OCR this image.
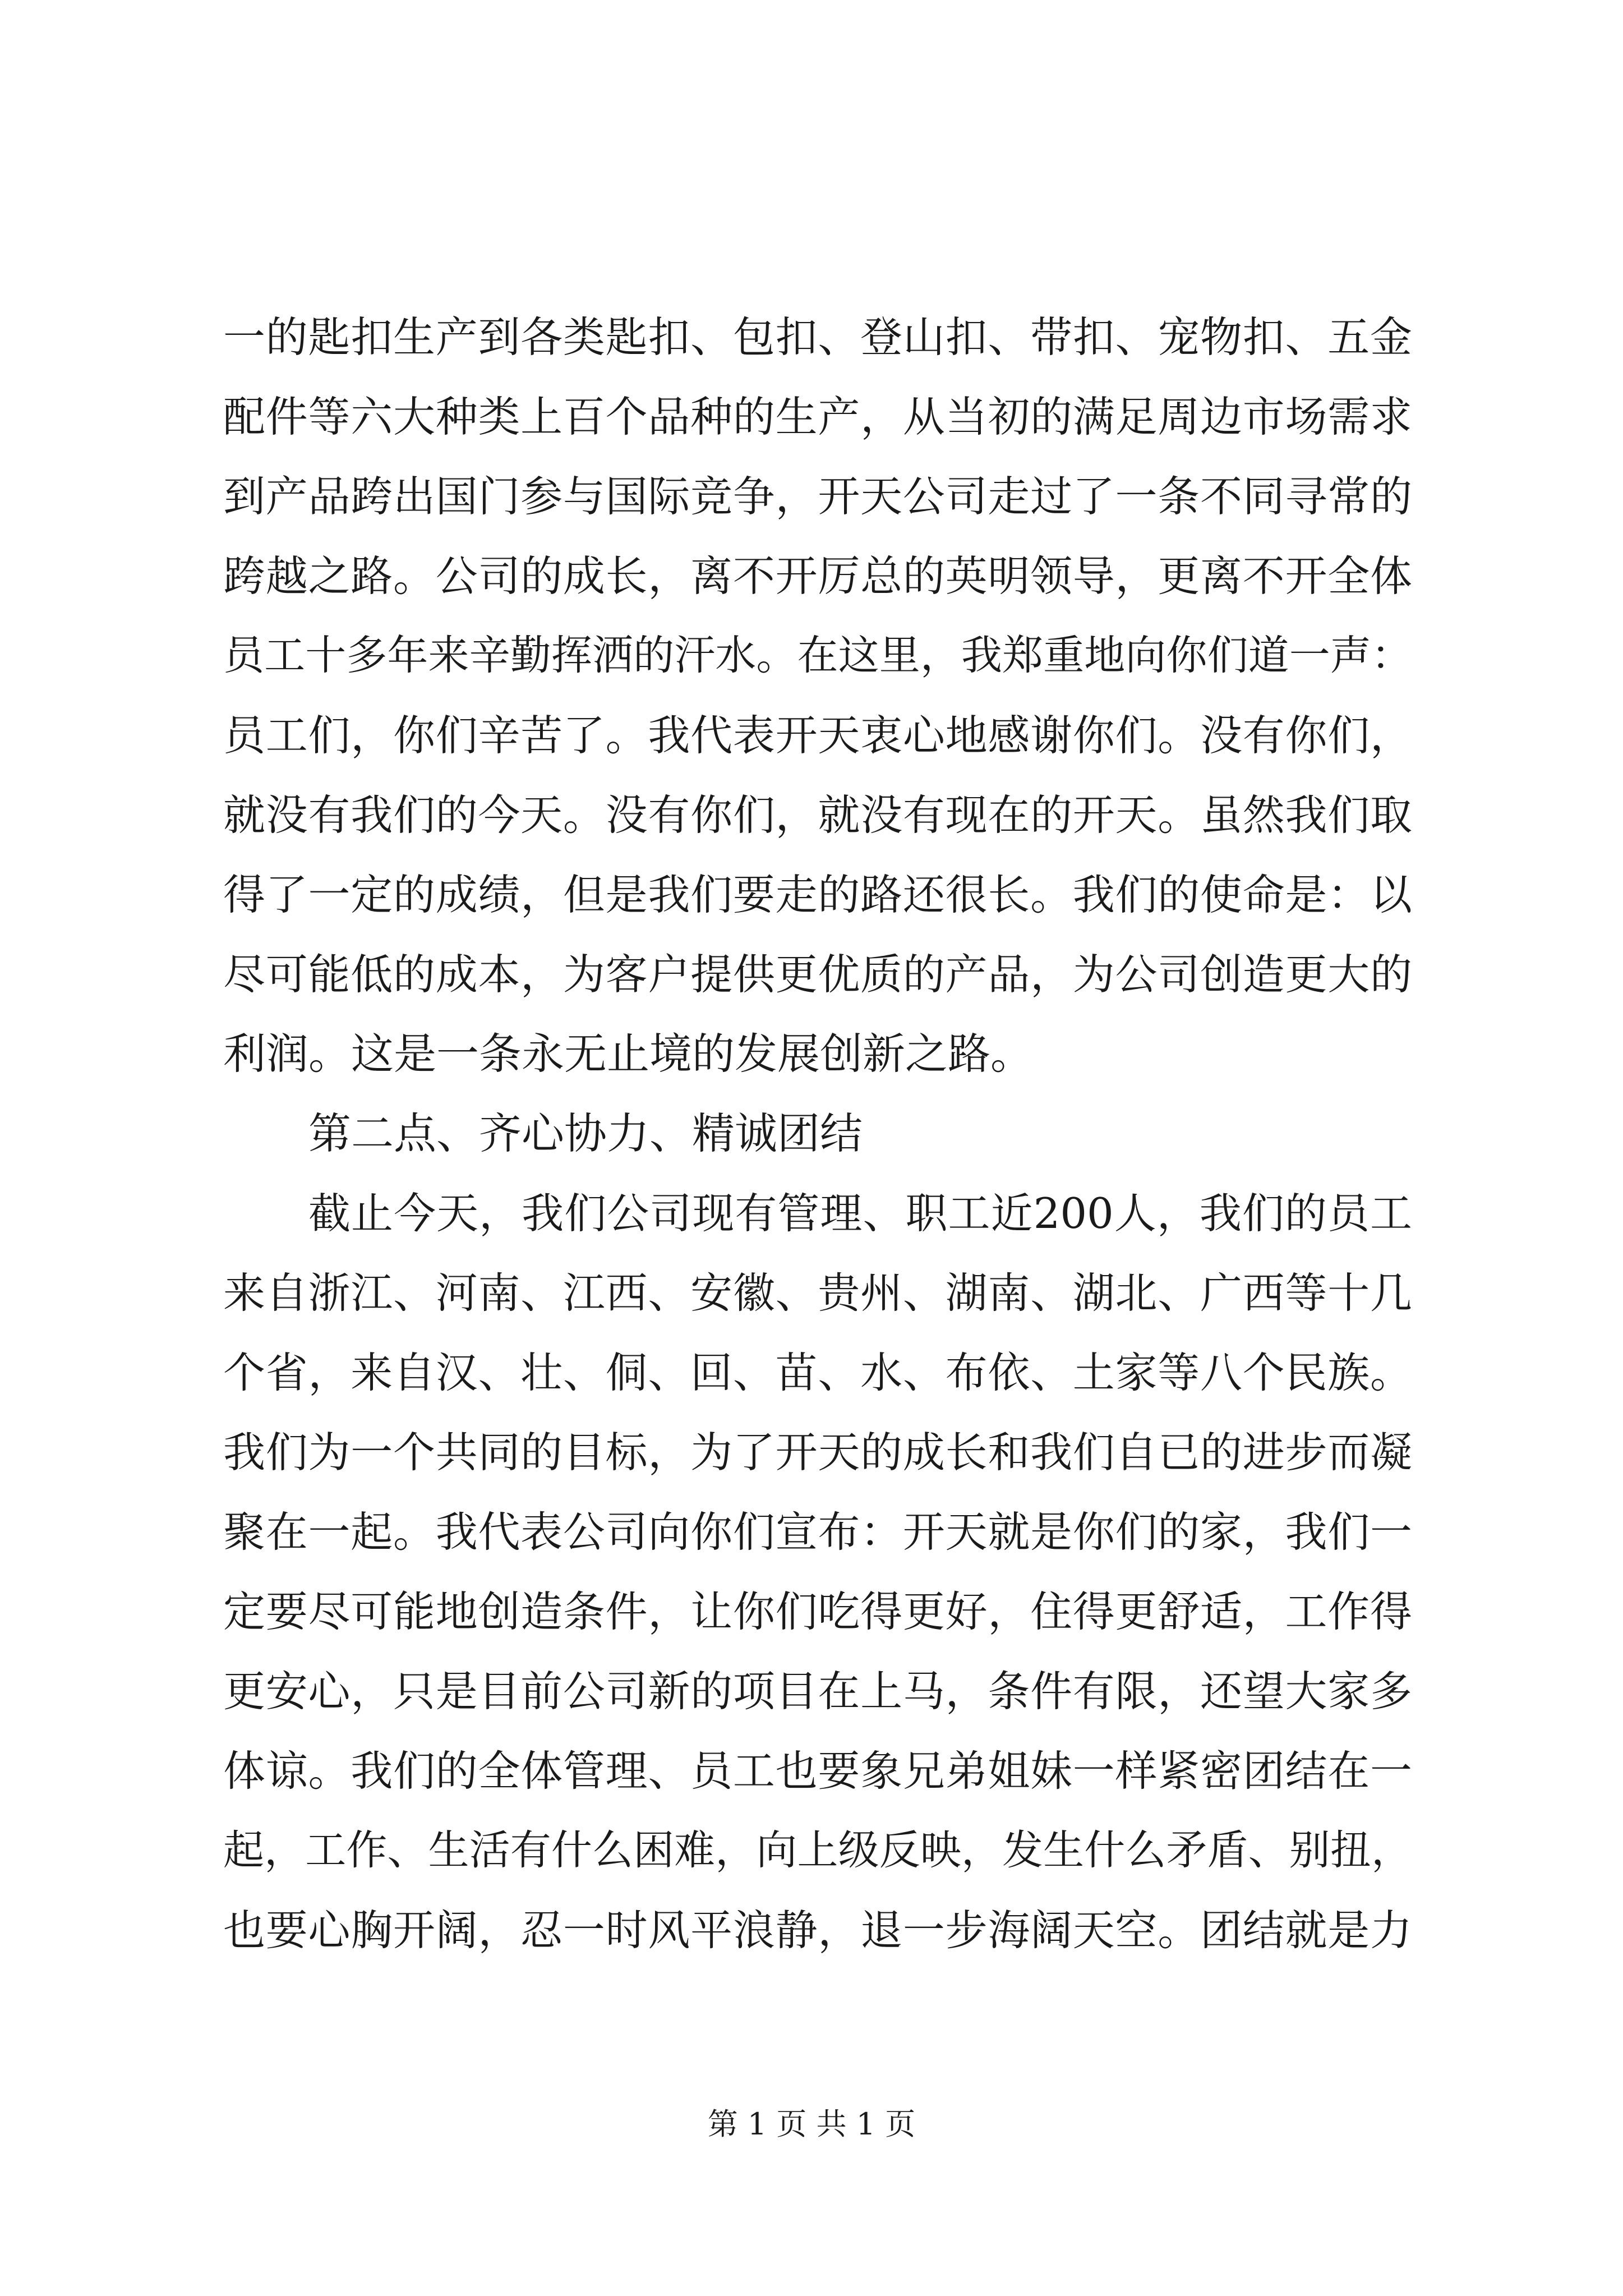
一的匙扣生产到各类匙扣、包扣、登山扣、带扣、宠物扣、五金
配件等六大种类上百个品种的生产，从当初的满足周边市场需求
到产品跨出国门参与国际竞争，开天公司走过了一条不同寻常的
跨越之路。公司的成长，离不开厉总的英明领导，更离不开全体
员工十多年来辛勤挥洒的汗水。在这里，我郑重地向你们道一声：
员工们，你们辛苦了。我代表开天衷心地感谢你们。没有你们，
就没有我们的今天。没有你们，就没有现在的开天。虽然我们取
得了一定的成绩，但是我们要走的路还很长。我们的使命是：以
尽可能低的成本，为客户提供更优质的产品，为公司创造更大的
利润。这是一条永无止境的发展创新之路。
第二点、齐心协力、精诚团结
截止今天，我们公司现有管理、职工近200人，我们的员工
来自浙江、河南、江西、安徽、贵州、湖南、湖北、广西等十几
个省，来自汉、壮、侗、回、苗、水、布依、土家等八个民族。
我们为一个共同的目标，为了开天的成长和我们自已的进步而凝
聚在一起。我代表公司向你们宣布：开天就是你们的家，我们一
定要尽可能地创造条件，让你们吃得更好，住得更舒适，工作得
更安心，只是目前公司新的项目在上马，条件有限，还望大家多
体谅。我们的全体管理、员工也要象兄弟姐妹一样紧密团结在一
起，工作、生活有什么困难，向上级反映，发生什么矛盾、别扭，
也要心胸开阔，忍一时风平浪静，退一步海阔天空。团结就是力
第 1 页 共 1 页
